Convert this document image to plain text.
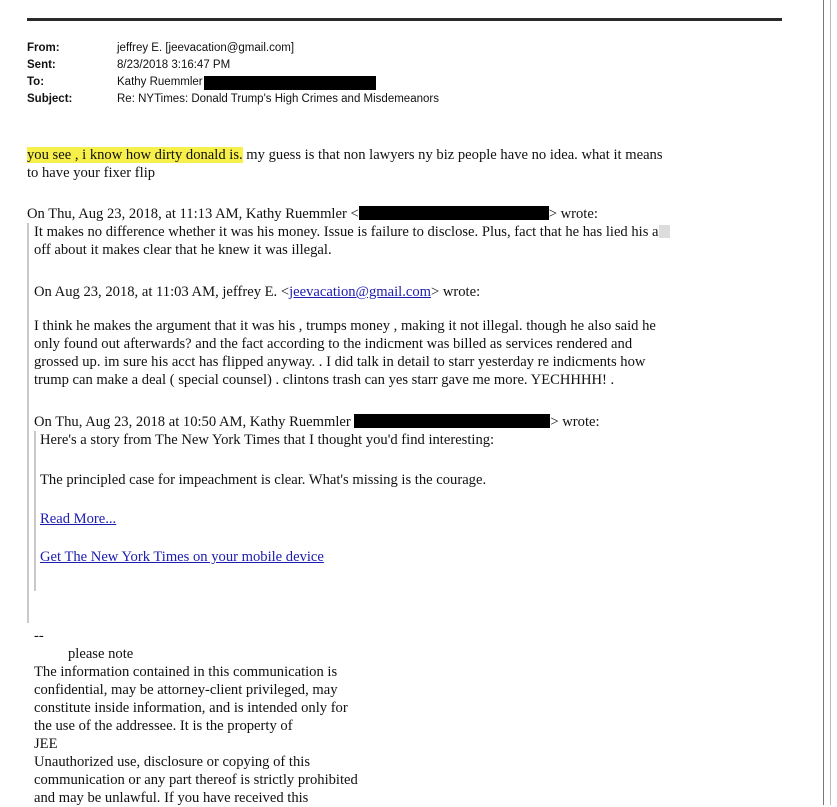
From:	jeffrey E. [jeevacation@gmail.com]
Sent:	8/23/2018 3:16:47 PM
To:	Kathy Ruemmler
Subject:	Re: NYTimes: Donald Trump's High Crimes and Misdemeanors
you see , i know how dirty donald is. my guess is that non lawyers ny biz people have no idea. what it means
to have your fixer flip
On Thu, Aug 23, 2018, at 11:13 AM, Kathy Ruemmler <	> wrote:
It makes no difference whether it was his money. Issue is failure to disclose. Plus, fact that he has lied his a
off about it makes clear that he knew it was illegal.
On Aug 23, 2018, at 11:03 AM, jeffrey E. <jeevacation@gmail.com> wrote:
I think he makes the argument that it was his , trumps money , making it not illegal. though he also said he
only found out afterwards? and the fact according to the indicment was billed as services rendered and
grossed up. im sure his acct has flipped anyway. . I did talk in detail to starr yesterday re indicments how
trump can make a deal ( special counsel) . clintons trash can yes starr gave me more. YECHHHH! .
On Thu, Aug 23, 2018 at 10:50 AM, Kathy Ruemmler	> wrote:
Here's a story from The New York Times that I thought you'd find interesting:
The principled case for impeachment is clear. What's missing is the courage.
Read More...
Get The New York Times on your mobile device
--
please note
The information contained in this communication is
confidential, may be attorney-client privileged, may
constitute inside information, and is intended only for
the use of the addressee. It is the property of
JEE
Unauthorized use, disclosure or copying of this
communication or any part thereof is strictly prohibited
and may be unlawful. If you have received this
